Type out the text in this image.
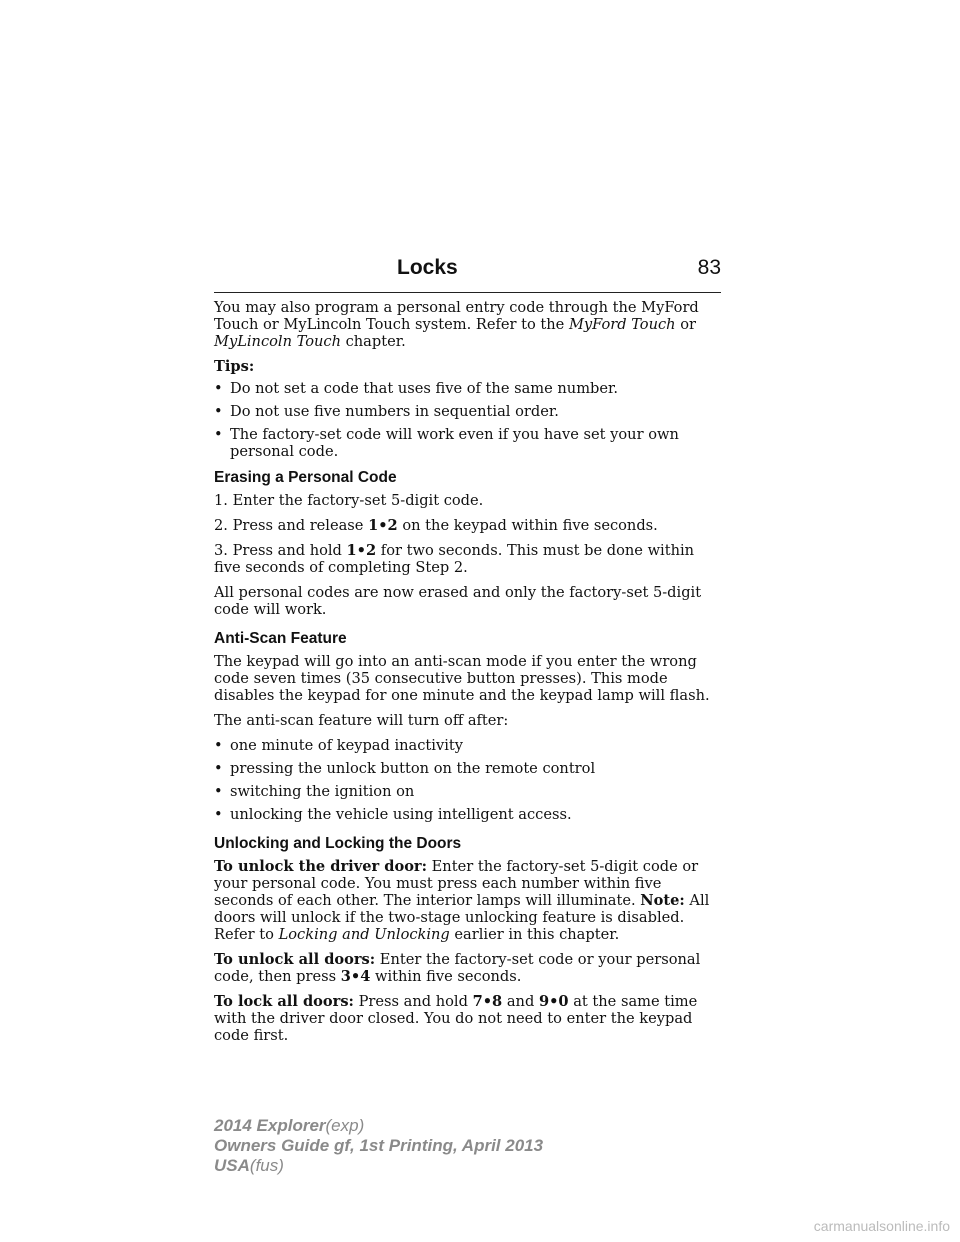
Locks	83

You may also program a personal entry code through the MyFord Touch or MyLincoln Touch system. Refer to the MyFord Touch or MyLincoln Touch chapter.

Tips:

• Do not set a code that uses five of the same number.
• Do not use five numbers in sequential order.
• The factory-set code will work even if you have set your own personal code.
Erasing a Personal Code

1. Enter the factory-set 5-digit code.

2. Press and release 1•2 on the keypad within five seconds.

3. Press and hold 1•2 for two seconds. This must be done within five seconds of completing Step 2.

All personal codes are now erased and only the factory-set 5-digit code will work.

Anti-Scan Feature

The keypad will go into an anti-scan mode if you enter the wrong code seven times (35 consecutive button presses). This mode disables the keypad for one minute and the keypad lamp will flash.

The anti-scan feature will turn off after:

• one minute of keypad inactivity
• pressing the unlock button on the remote control
• switching the ignition on
• unlocking the vehicle using intelligent access.
Unlocking and Locking the Doors

To unlock the driver door: Enter the factory-set 5-digit code or your personal code. You must press each number within five seconds of each other. The interior lamps will illuminate. Note: All doors will unlock if the two-stage unlocking feature is disabled. Refer to Locking and Unlocking earlier in this chapter.

To unlock all doors: Enter the factory-set code or your personal code, then press 3•4 within five seconds.

To lock all doors: Press and hold 7•8 and 9•0 at the same time with the driver door closed. You do not need to enter the keypad code first.

2014 Explorer(exp)
Owners Guide gf, 1st Printing, April 2013
USA(fus)
carmanualsonline.info
